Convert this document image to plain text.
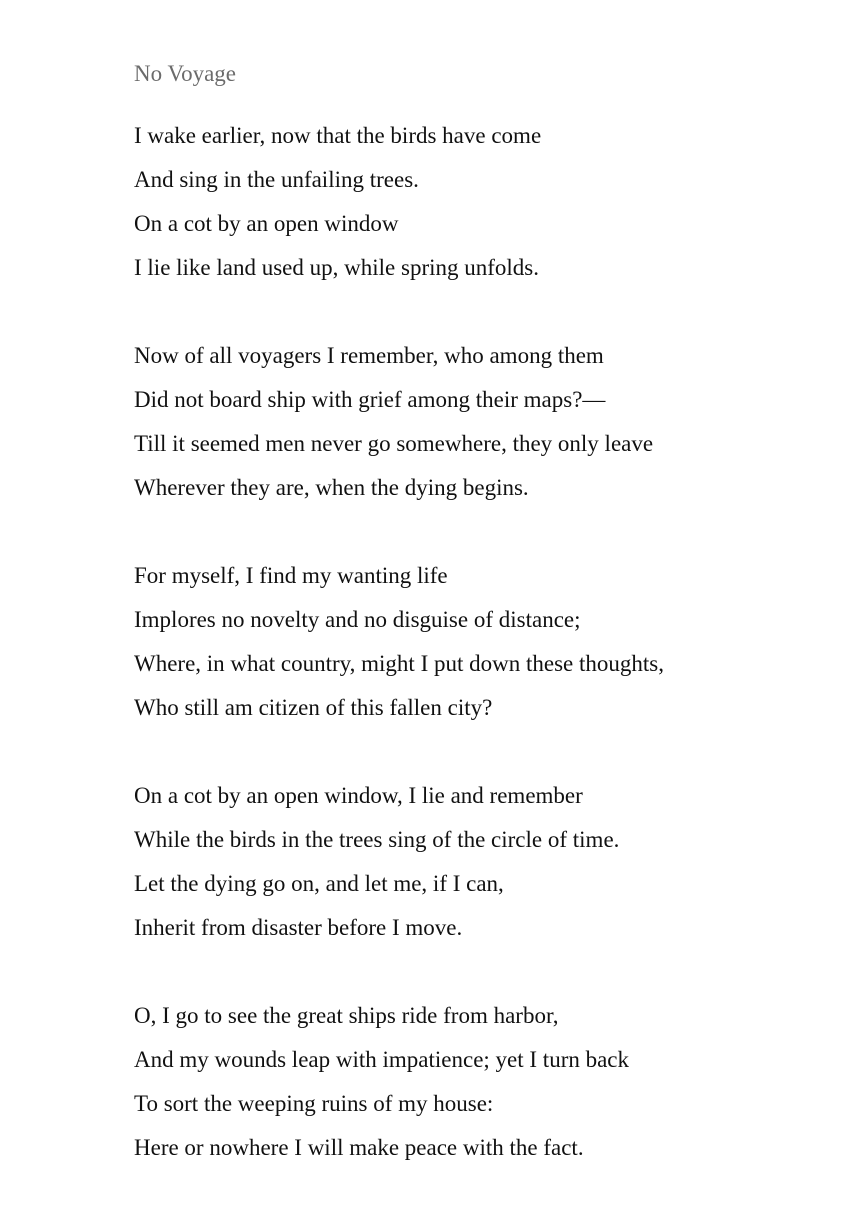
No Voyage
I wake earlier, now that the birds have come
And sing in the unfailing trees.
On a cot by an open window
I lie like land used up, while spring unfolds.
Now of all voyagers I remember, who among them
Did not board ship with grief among their maps?—
Till it seemed men never go somewhere, they only leave
Wherever they are, when the dying begins.
For myself, I find my wanting life
Implores no novelty and no disguise of distance;
Where, in what country, might I put down these thoughts,
Who still am citizen of this fallen city?
On a cot by an open window, I lie and remember
While the birds in the trees sing of the circle of time.
Let the dying go on, and let me, if I can,
Inherit from disaster before I move.
O, I go to see the great ships ride from harbor,
And my wounds leap with impatience; yet I turn back
To sort the weeping ruins of my house:
Here or nowhere I will make peace with the fact.
